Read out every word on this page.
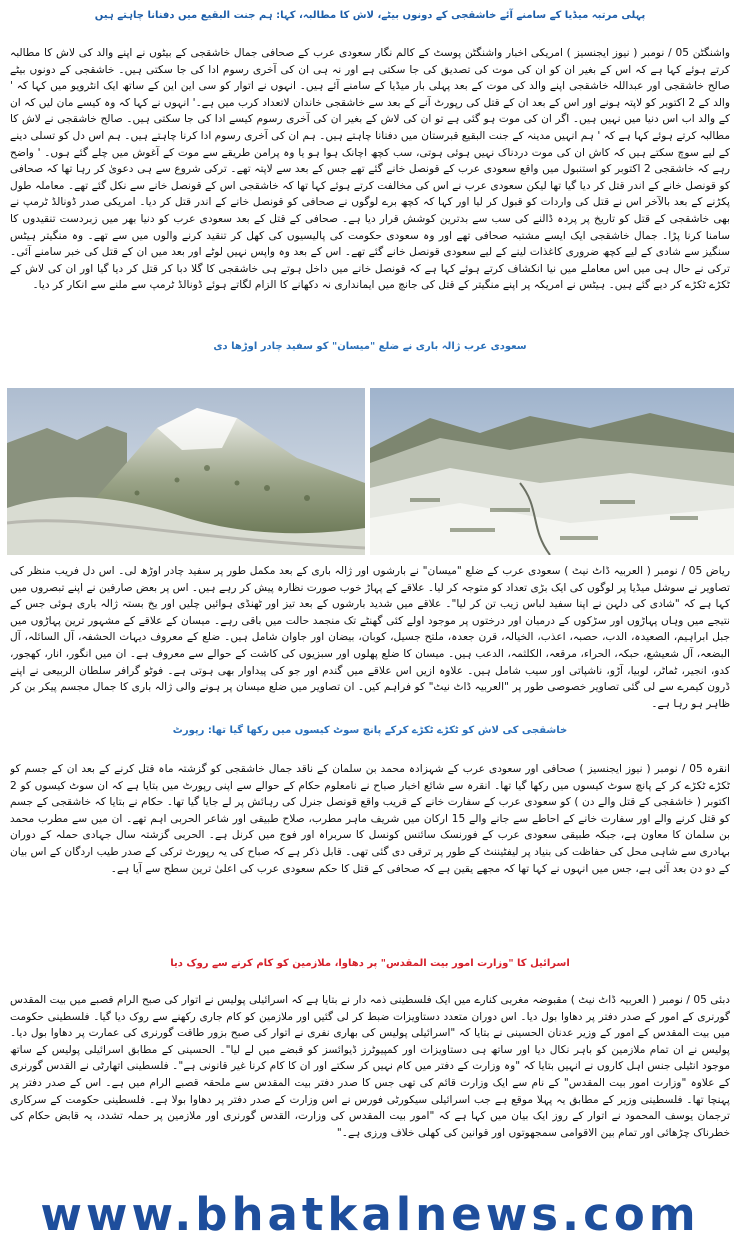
پہلی مرتبہ میڈیا کے سامنے آئے خاشقجی کے دونوں بیٹے، لاش کا مطالبہ، کہا: ہم جنت البقیع میں دفنانا چاہتے ہیں

واشنگٹن 05 / نومبر ( نیوز ایجنسیز ) امریکی اخبار واشنگٹن پوسٹ کے کالم نگار سعودی عرب کے صحافی جمال خاشقجی کے بیٹوں نے اپنے والد کی لاش کا مطالبہ کرتے ہوئے کہا ہے کہ اس کے بغیر ان کو ان کی موت کی تصدیق کی جا سکتی ہے اور نہ ہی ان کی آخری رسوم ادا کی جا سکتی ہیں۔ خاشقجی کے دونوں بیٹے صالح خاشقجی اور عبداللہ خاشقجی اپنے والد کی موت کے بعد پہلی بار میڈیا کے سامنے آئے ہیں۔ انہوں نے اتوار کو سی این این کے ساتھ ایک انٹرویو میں کہا کہ ' والد کے 2 اکتوبر کو لاپتہ ہونے اور اس کے بعد ان کے قتل کی رپورٹ آنے کے بعد سے خاشقجی خاندان لاتعداد کرب میں ہے۔' انہوں نے کہا کہ وہ کیسے مان لیں کہ ان کے والد اب اس دنیا میں نہیں ہیں۔ اگر ان کی موت ہو گئی ہے تو ان کی لاش کے بغیر ان کی آخری رسوم کیسے ادا کی جا سکتی ہیں۔ صالح خاشقجی نے لاش کا مطالبہ کرتے ہوئے کہا ہے کہ ' ہم انہیں مدینہ کے جنت البقیع قبرستان میں دفنانا چاہتے ہیں۔ ہم ان کی آخری رسوم ادا کرنا چاہتے ہیں۔ ہم اس دل کو تسلی دینے کے لیے سوچ سکتے ہیں کہ کاش ان کی موت دردناک نہیں ہوئی ہوتی، سب کچھ اچانک ہوا ہو یا وہ پرامن طریقے سے موت کے آغوش میں چلے گئے ہوں۔ ' واضح رہے کہ خاشقجی 2 اکتوبر کو استنبول میں واقع سعودی عرب کے قونصل خانے گئے تھے جس کے بعد سے لاپتہ تھے۔ ترکی شروع سے ہی دعویٰ کر رہا تھا کہ صحافی کو قونصل خانے کے اندر قتل کر دیا گیا تھا لیکن سعودی عرب نے اس کی مخالفت کرتے ہوئے کہا تھا کہ خاشقجی اس کے قونصل خانے سے نکل گئے تھے۔ معاملہ طول پکڑنے کے بعد بالآخر اس نے قتل کی واردات کو قبول کر لیا اور کہا کہ کچھ برے لوگوں نے صحافی کو قونصل خانے کے اندر قتل کر دیا۔ امریکی صدر ڈونالڈ ٹرمپ نے بھی خاشقجی کے قتل کو تاریخ پر پردہ ڈالنے کی سب سے بدترین کوشش قرار دیا ہے۔ صحافی کے قتل کے بعد سعودی عرب کو دنیا بھر میں زبردست تنقیدوں کا سامنا کرنا پڑا۔ جمال خاشقجی ایک ایسے مشتبہ صحافی تھے اور وہ سعودی حکومت کی پالیسیوں کی کھل کر تنقید کرنے والوں میں سے تھے۔ وہ منگیتر ہیٹس سنگیز سے شادی کے لیے کچھ ضروری کاغذات لینے کے لیے سعودی قونصل خانے گئے تھے۔ اس کے بعد وہ واپس نہیں لوٹے اور بعد میں ان کے قتل کی خبر سامنے آئی۔ ترکی نے حال ہی میں اس معاملے میں نیا انکشاف کرتے ہوئے کہا ہے کہ قونصل خانے میں داخل ہوتے ہی خاشقجی کا گلا دبا کر قتل کر دیا گیا اور ان کی لاش کے ٹکڑے ٹکڑے کر دیے گئے ہیں۔ ہیٹس نے امریکہ پر اپنے منگیتر کے قتل کی جانچ میں ایمانداری نہ دکھانے کا الزام لگاتے ہوئے ڈونالڈ ٹرمپ سے ملنے سے انکار کر دیا۔

سعودی عرب ژالہ باری نے ضلع "میسان" کو سفید چادر اوڑھا دی

ریاض 05 / نومبر ( العربیہ ڈاٹ نیٹ ) سعودی عرب کے ضلع "میسان" نے بارشوں اور ژالہ باری کے بعد مکمل طور پر سفید چادر اوڑھ لی۔ اس دل فریب منظر کی تصاویر نے سوشل میڈیا پر لوگوں کی ایک بڑی تعداد کو متوجہ کر لیا۔ علاقے کے پہاڑ خوب صورت نظارہ پیش کر رہے ہیں۔ اس پر بعض صارفین نے اپنے تبصروں میں کہا ہے کہ "شادی کی دلہن نے اپنا سفید لباس زیب تن کر لیا"۔ علاقے میں شدید بارشوں کے بعد تیز اور ٹھنڈی ہوائیں چلیں اور یخ بستہ ژالہ باری ہوئی جس کے نتیجے میں وہاں پہاڑوں اور سڑکوں کے درمیان اور درختوں پر موجود اولے کئی گھنٹے تک منجمد حالت میں باقی رہے۔ میسان کے علاقے کے مشہور ترین پہاڑوں میں جبل ابراہیم، الصعیدہ، الدب، حصبہ، اعذب، الخیالہ، قرن جعدہ، ملتح جسیل، کوبان، بیضان اور جاوان شامل ہیں۔ ضلع کے معروف دیہات الحشفہ، آل السائلہ، آل البضعہ، آل شعیشع، حبکہ، الحراء، مرقعہ، الکلثمہ، الدعب ہیں۔ میسان کا ضلع پھلوں اور سبزیوں کی کاشت کے حوالے سے معروف ہے۔ ان میں انگور، انار، کھجور، کدو، انجیر، ٹماٹر، لوبیا، آڑو، ناشپاتی اور سیب شامل ہیں۔ علاوہ ازیں اس علاقے میں گندم اور جو کی پیداوار بھی ہوتی ہے۔ فوٹو گرافر سلطان الربیعی نے اپنے ڈرون کیمرے سے لی گئی تصاویر خصوصی طور پر "العربیہ ڈاٹ نیٹ" کو فراہم کیں۔ ان تصاویر میں ضلع میسان پر ہونے والی ژالہ باری کا جمال مجسم پیکر بن کر ظاہر ہو رہا ہے۔

خاشقجی کی لاش کو ٹکڑے ٹکڑے کرکے پانچ سوٹ کیسوں میں رکھا گیا تھا: رپورٹ

انقرہ 05 / نومبر ( نیوز ایجنسیز ) صحافی اور سعودی عرب کے شہزادہ محمد بن سلمان کے ناقد جمال خاشقجی کو گزشتہ ماہ قتل کرنے کے بعد ان کے جسم کو ٹکڑے ٹکڑے کر کے پانچ سوٹ کیسوں میں رکھا گیا تھا۔ انقرہ سے شائع اخبار صباح نے نامعلوم حکام کے حوالے سے اپنی رپورٹ میں بتایا ہے کہ ان سوٹ کیسوں کو 2 اکتوبر ( خاشقجی کے قتل والے دن ) کو سعودی عرب کے سفارت خانے کے قریب واقع قونصل جنرل کی رہائش پر لے جایا گیا تھا۔ حکام نے بتایا کہ خاشقجی کے جسم کو قتل کرنے والے اور سفارت خانے کے احاطے سے جانے والے 15 ارکان میں شریف ماہر مطرب، صلاح طبیقی اور شاعر الحربی اہم تھے۔ ان میں سے مطرب محمد بن سلمان کا معاون ہے، جبکہ طبیقی سعودی عرب کے فورنسک سائنس کونسل کا سربراہ اور فوج میں کرنل ہے۔ الحربی گزشتہ سال جہادی حملہ کے دوران بہادری سے شاہی محل کی حفاظت کی بنیاد پر لیفٹیننٹ کے طور پر ترقی دی گئی تھی۔ قابل ذکر ہے کہ صباح کی یہ رپورٹ ترکی کے صدر طیب اردگان کے اس بیان کے دو دن بعد آئی ہے، جس میں انہوں نے کہا تھا کہ مجھے یقین ہے کہ صحافی کے قتل کا حکم سعودی عرب کی اعلیٰ ترین سطح سے آیا ہے۔

اسرائیل کا "وزارت امور بیت المقدس" پر دھاوا، ملازمین کو کام کرنے سے روک دیا

دبئی 05 / نومبر ( العربیہ ڈاٹ نیٹ ) مقبوضہ مغربی کنارے میں ایک فلسطینی ذمہ دار نے بتایا ہے کہ اسرائیلی پولیس نے اتوار کی صبح الرام قصبے میں بیت المقدس گورنری کے امور کے صدر دفتر پر دھاوا بول دیا۔ اس دوران متعدد دستاویزات ضبط کر لی گئیں اور ملازمین کو کام جاری رکھنے سے روک دیا گیا۔ فلسطینی حکومت میں بیت المقدس کے امور کے وزیر عدنان الحسینی نے بتایا کہ "اسرائیلی پولیس کی بھاری نفری نے اتوار کی صبح بزور طاقت گورنری کی عمارت پر دھاوا بول دیا۔ پولیس نے ان تمام ملازمین کو باہر نکال دیا اور ساتھ ہی دستاویزات اور کمپیوٹرز ڈیوائسز کو قبضے میں لے لیا"۔ الحسینی کے مطابق اسرائیلی پولیس کے ساتھ موجود انٹیلی جنس اہل کاروں نے انہیں بتایا کہ "وہ وزارت کے دفتر میں کام نہیں کر سکتے اور ان کا کام کرنا غیر قانونی ہے"۔ فلسطینی اتھارٹی نے القدس گورنری کے علاوہ "وزارت امور بیت المقدس" کے نام سے ایک وزارت قائم کی تھی جس کا صدر دفتر بیت المقدس سے ملحقہ قصبے الرام میں ہے۔ اس کے صدر دفتر پر پہنچا تھا۔ فلسطینی وزیر کے مطابق یہ پہلا موقع ہے جب اسرائیلی سیکورٹی فورس نے اس وزارت کے صدر دفتر پر دھاوا بولا ہے۔ فلسطینی حکومت کے سرکاری ترجمان یوسف المحمود نے اتوار کے روز ایک بیان میں کہا ہے کہ "امور بیت المقدس کی وزارت، القدس گورنری اور ملازمین پر حملہ تشدد، یہ قابض حکام کی خطرناک چڑھائی اور تمام بین الاقوامی سمجھوتوں اور قوانین کی کھلی خلاف ورزی ہے۔"

www.bhatkalnews.com
